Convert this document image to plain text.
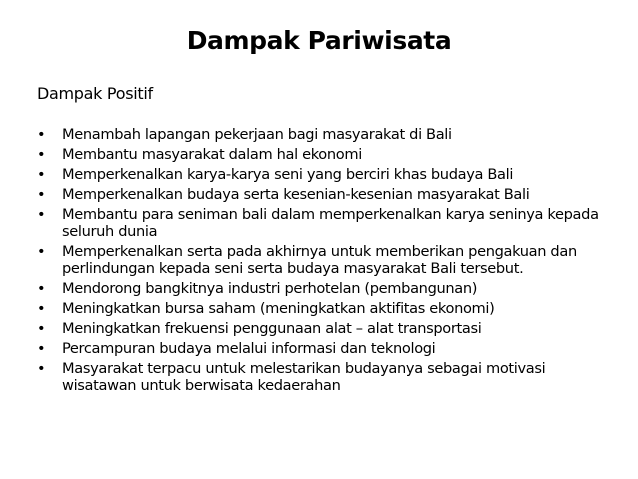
Dampak Pariwisata

Dampak Positif

• Menambah lapangan pekerjaan bagi masyarakat di Bali
• Membantu masyarakat dalam hal ekonomi
• Memperkenalkan karya-karya seni yang berciri khas budaya Bali
• Memperkenalkan budaya serta kesenian-kesenian masyarakat Bali
• Membantu para seniman bali dalam memperkenalkan karya seninya kepada seluruh dunia
• Memperkenalkan serta pada akhirnya untuk memberikan pengakuan dan perlindungan kepada seni serta budaya masyarakat Bali tersebut.
• Mendorong bangkitnya industri perhotelan (pembangunan)
• Meningkatkan bursa saham (meningkatkan aktifitas ekonomi)
• Meningkatkan frekuensi penggunaan alat – alat transportasi
• Percampuran budaya melalui informasi dan teknologi
• Masyarakat terpacu untuk melestarikan budayanya sebagai motivasi wisatawan untuk berwisata kedaerahan
